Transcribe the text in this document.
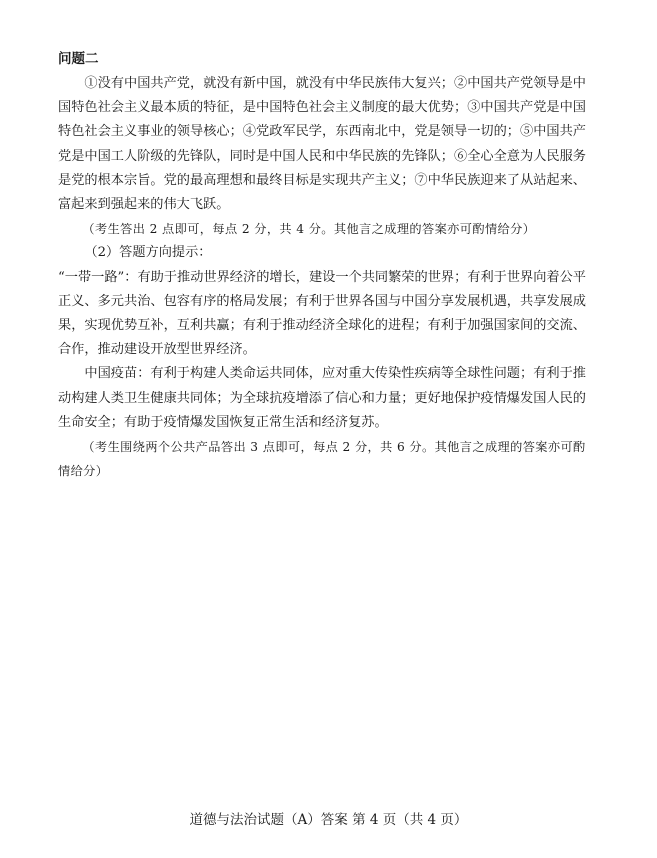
问题二

①没有中国共产党，就没有新中国，就没有中华民族伟大复兴；②中国共产党领导是中国特色社会主义最本质的特征，是中国特色社会主义制度的最大优势；③中国共产党是中国特色社会主义事业的领导核心；④党政军民学，东西南北中，党是领导一切的；⑤中国共产党是中国工人阶级的先锋队，同时是中国人民和中华民族的先锋队；⑥全心全意为人民服务是党的根本宗旨。党的最高理想和最终目标是实现共产主义；⑦中华民族迎来了从站起来、富起来到强起来的伟大飞跃。

（考生答出 2 点即可，每点 2 分，共 4 分。其他言之成理的答案亦可酌情给分）

（2）答题方向提示：

“一带一路”：有助于推动世界经济的增长，建设一个共同繁荣的世界；有利于世界向着公平正义、多元共治、包容有序的格局发展；有利于世界各国与中国分享发展机遇，共享发展成果，实现优势互补，互利共赢；有利于推动经济全球化的进程；有利于加强国家间的交流、合作，推动建设开放型世界经济。

中国疫苗：有利于构建人类命运共同体，应对重大传染性疾病等全球性问题；有利于推动构建人类卫生健康共同体；为全球抗疫增添了信心和力量；更好地保护疫情爆发国人民的生命安全；有助于疫情爆发国恢复正常生活和经济复苏。

（考生围绕两个公共产品答出 3 点即可，每点 2 分，共 6 分。其他言之成理的答案亦可酌情给分）

道德与法治试题（A）答案 第 4 页（共 4 页）
